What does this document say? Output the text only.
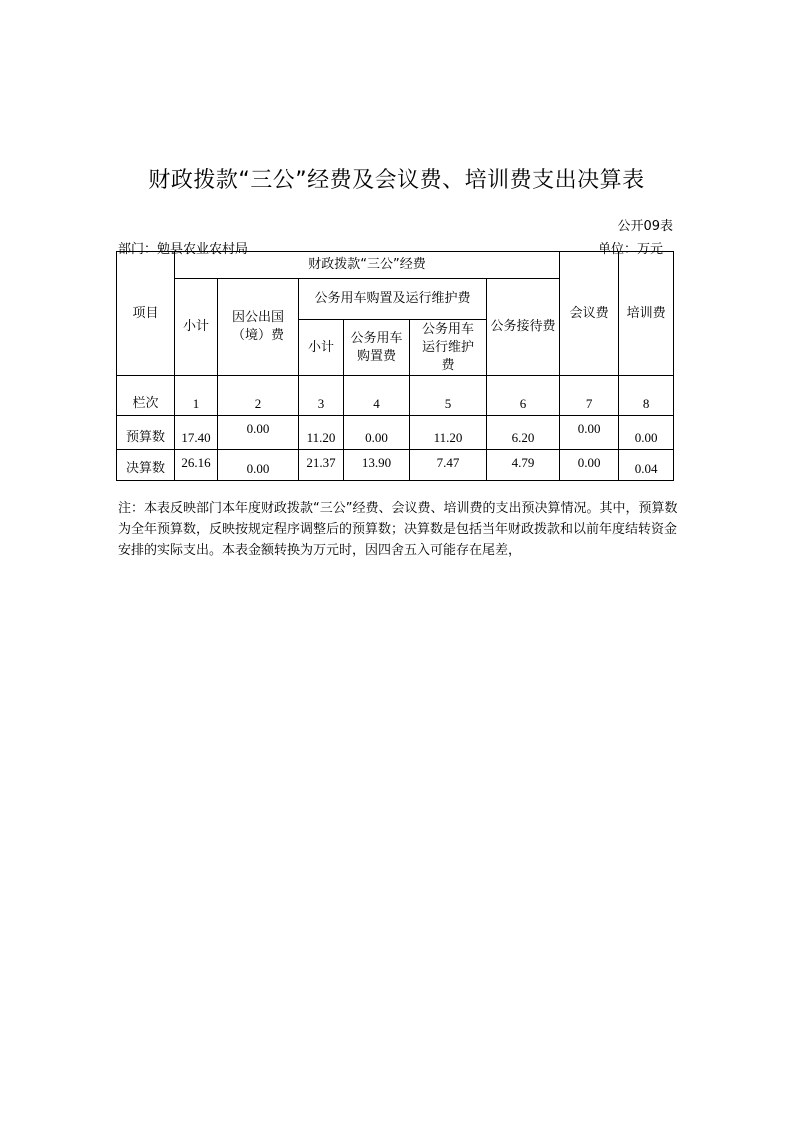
财政拨款“三公”经费及会议费、培训费支出决算表
公开09表
部门：勉县农业农村局	单位：万元
项目	财政拨款“三公”经费						会议费	培训费
	小计	因公出国（境）费	公务用车购置及运行维护费			公务接待费		
			小计	公务用车购置费	公务用车运行维护费			
栏次	1	2	3	4	5	6	7	8
预算数	17.40	0.00	11.20	0.00	11.20	6.20	0.00	0.00
决算数	26.16	0.00	21.37	13.90	7.47	4.79	0.00	0.04
注：本表反映部门本年度财政拨款“三公”经费、会议费、培训费的支出预决算情况。其中，预算数为全年预算数，反映按规定程序调整后的预算数；决算数是包括当年财政拨款和以前年度结转资金安排的实际支出。本表金额转换为万元时，因四舍五入可能存在尾差，
